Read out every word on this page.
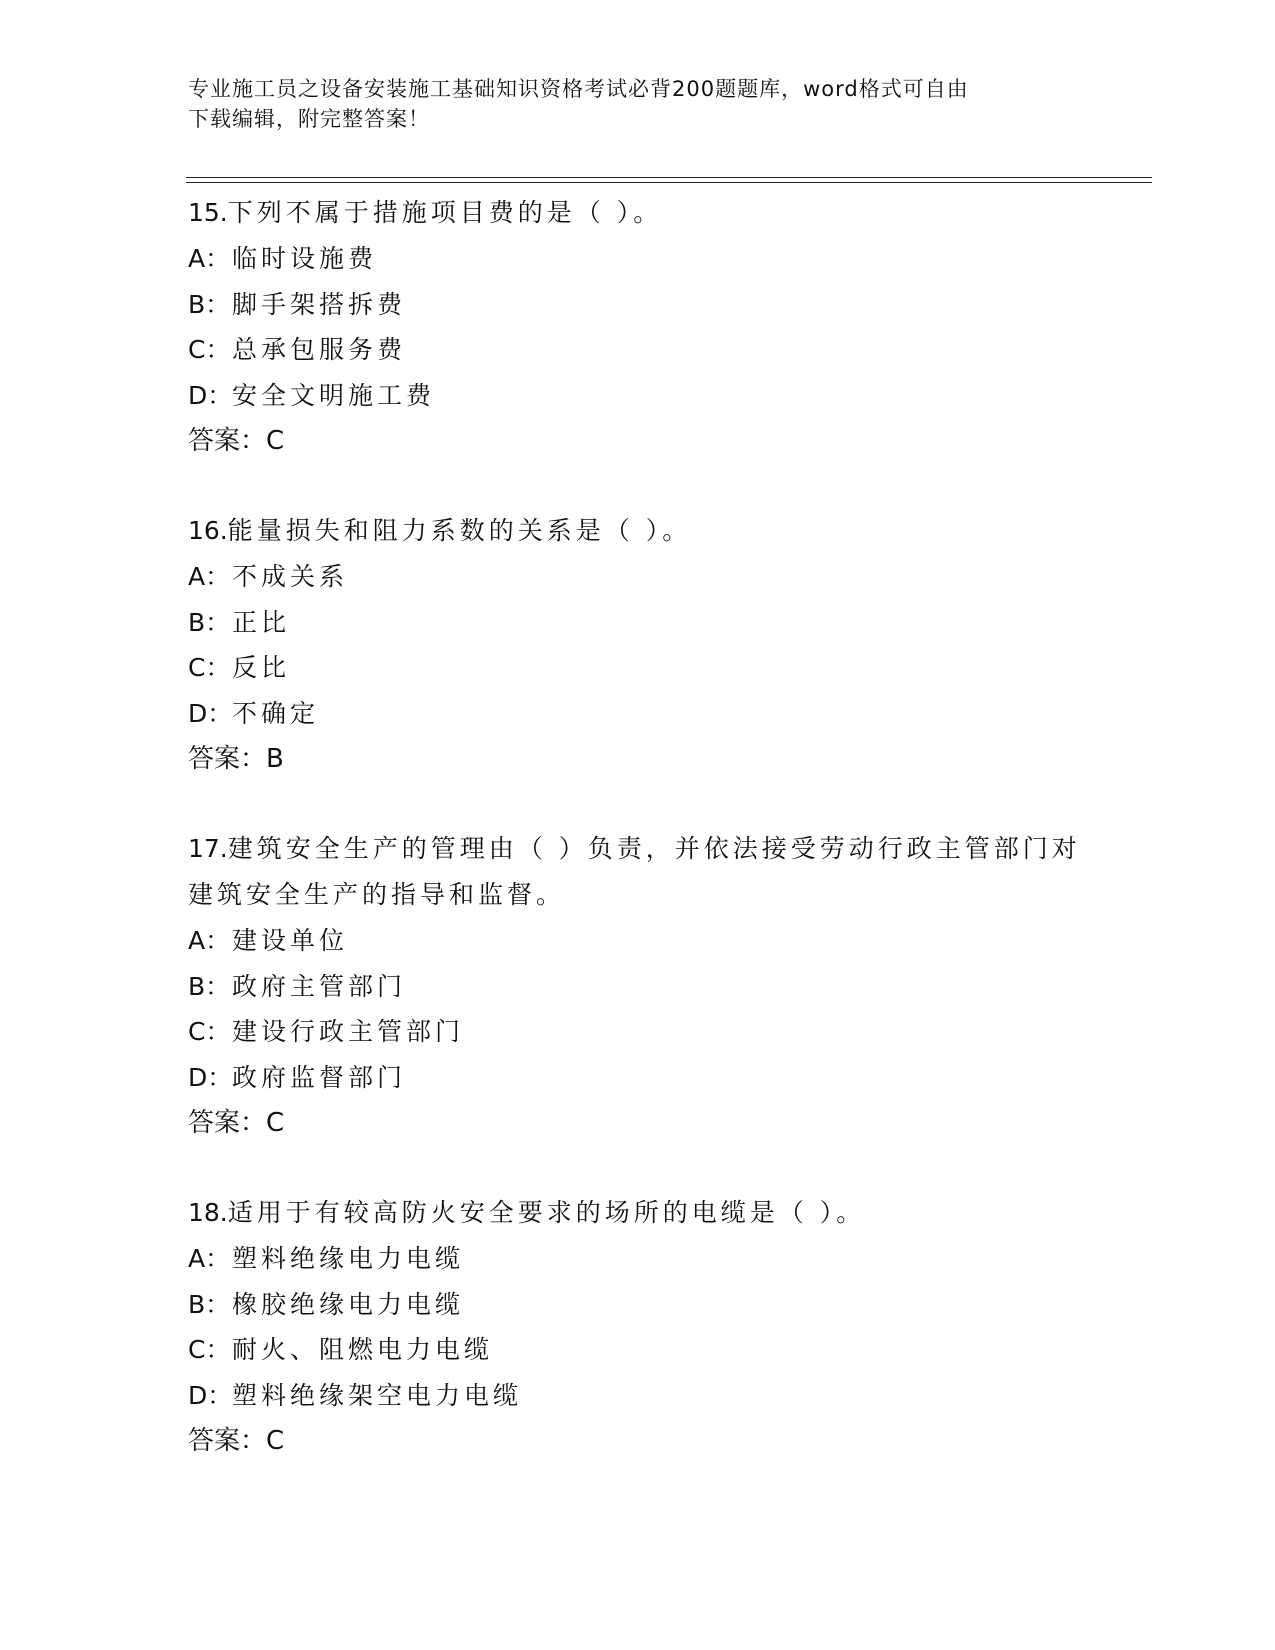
专业施工员之设备安装施工基础知识资格考试必背200题题库，word格式可自由
下载编辑，附完整答案！
15.下列不属于措施项目费的是（ ）。
A：临时设施费
B：脚手架搭拆费
C：总承包服务费
D：安全文明施工费
答案：C
16.能量损失和阻力系数的关系是（ ）。
A：不成关系
B：正比
C：反比
D：不确定
答案：B
17.建筑安全生产的管理由（ ）负责，并依法接受劳动行政主管部门对建筑安全生产的指导和监督。
A：建设单位
B：政府主管部门
C：建设行政主管部门
D：政府监督部门
答案：C
18.适用于有较高防火安全要求的场所的电缆是（ ）。
A：塑料绝缘电力电缆
B：橡胶绝缘电力电缆
C：耐火、阻燃电力电缆
D：塑料绝缘架空电力电缆
答案：C
